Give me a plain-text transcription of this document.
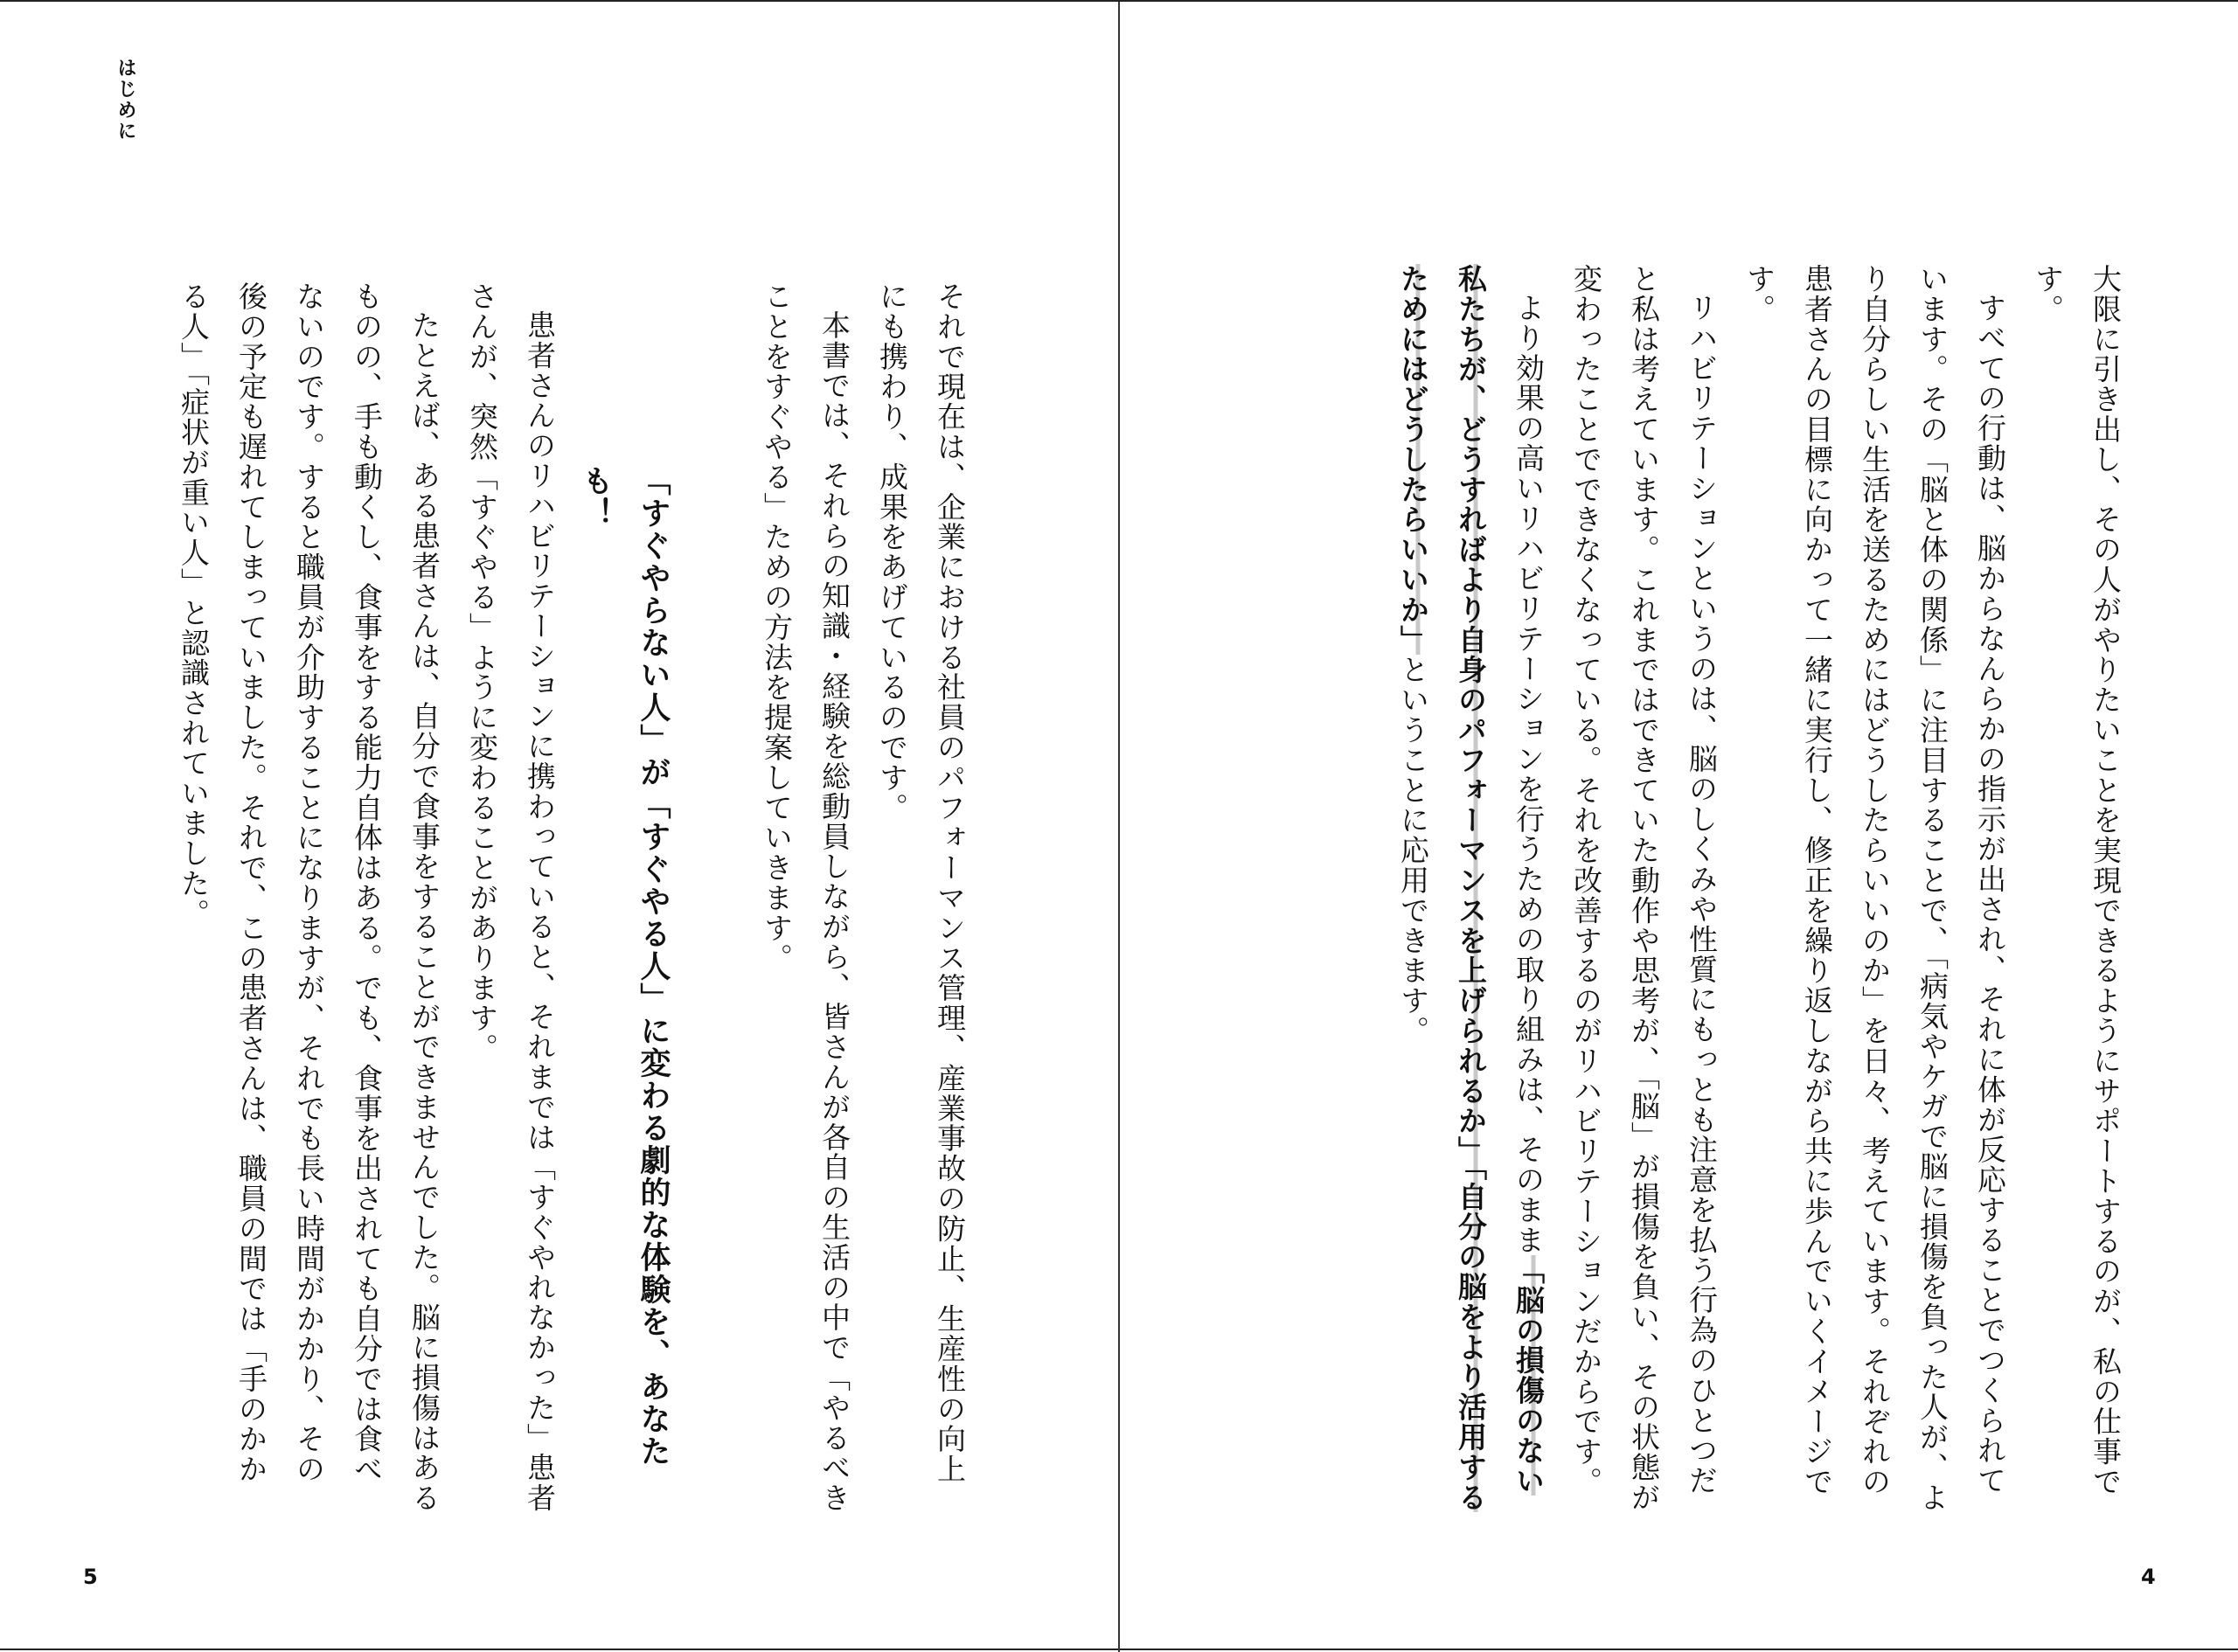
はじめに

それで現在は、企業における社員のパフォーマンス管理、産業事故の防止、生産性の向上にも携わり、成果をあげているのです。

本書では、それらの知識・経験を総動員しながら、皆さんが各自の生活の中で「やるべきことをすぐやる」ための方法を提案していきます。

「すぐやらない人」が「すぐやる人」に変わる劇的な体験を、あなたも！

患者さんのリハビリテーションに携わっていると、それまでは「すぐやれなかった」患者さんが、突然「すぐやる」ように変わることがあります。

たとえば、ある患者さんは、自分で食事をすることができませんでした。脳に損傷はあるものの、手も動くし、食事をする能力自体はある。でも、食事を出されても自分では食べないのです。すると職員が介助することになりますが、それでも長い時間がかかり、その後の予定も遅れてしまっていました。それで、この患者さんは、職員の間では「手のかかる人」「症状が重い人」と認識されていました。

5

大限に引き出し、その人がやりたいことを実現できるようにサポートするのが、私の仕事です。

すべての行動は、脳からなんらかの指示が出され、それに体が反応することでつくられています。その「脳と体の関係」に注目することで、「病気やケガで脳に損傷を負った人が、より自分らしい生活を送るためにはどうしたらいいのか」を日々、考えています。それぞれの患者さんの目標に向かって一緒に実行し、修正を繰り返しながら共に歩んでいくイメージです。

リハビリテーションというのは、脳のしくみや性質にもっとも注意を払う行為のひとつだと私は考えています。これまではできていた動作や思考が、「脳」が損傷を負い、その状態が変わったことでできなくなっている。それを改善するのがリハビリテーションだからです。

より効果の高いリハビリテーションを行うための取り組みは、そのまま「脳の損傷のない私たちが、どうすればより自身のパフォーマンスを上げられるか」「自分の脳をより活用するためにはどうしたらいいか」ということに応用できます。

4
